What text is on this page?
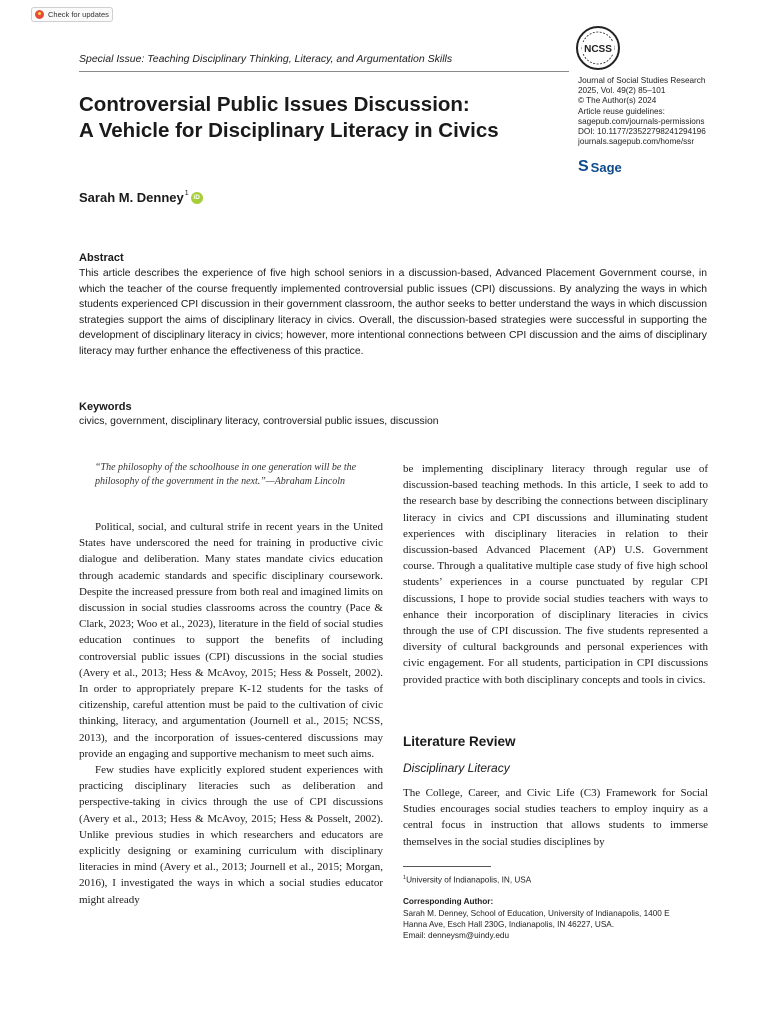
Check for updates
Special Issue: Teaching Disciplinary Thinking, Literacy, and Argumentation Skills
NCSS
Journal of Social Studies Research
2025, Vol. 49(2) 85–101
© The Author(s) 2024
Article reuse guidelines:
sagepub.com/journals-permissions
DOI: 10.1177/23522798241294196
journals.sagepub.com/home/ssr
S Sage
Controversial Public Issues Discussion:
A Vehicle for Disciplinary Literacy in Civics
Sarah M. Denney$^1$ iD
Abstract
This article describes the experience of five high school seniors in a discussion-based, Advanced Placement Government course, in which the teacher of the course frequently implemented controversial public issues (CPI) discussions. By analyzing the ways in which students experienced CPI discussion in their government classroom, the author seeks to better understand the ways in which discussion strategies support the aims of disciplinary literacy in civics. Overall, the discussion-based strategies were successful in supporting the development of disciplinary literacy in civics; however, more intentional connections between CPI discussion and the aims of disciplinary literacy may further enhance the effectiveness of this practice.
Keywords
civics, government, disciplinary literacy, controversial public issues, discussion
“The philosophy of the schoolhouse in one generation will be the philosophy of the government in the next.”—Abraham Lincoln

Political, social, and cultural strife in recent years in the United States have underscored the need for training in productive civic dialogue and deliberation. Many states mandate civics education through academic standards and specific disciplinary coursework. Despite the increased pressure from both real and imagined limits on discussion in social studies classrooms across the country (Pace & Clark, 2023; Woo et al., 2023), literature in the field of social studies education continues to support the benefits of including controversial public issues (CPI) discussions in the social studies (Avery et al., 2013; Hess & McAvoy, 2015; Hess & Posselt, 2002). In order to appropriately prepare K-12 students for the tasks of citizenship, careful attention must be paid to the cultivation of civic thinking, literacy, and argumentation (Journell et al., 2015; NCSS, 2013), and the incorporation of issues-centered discussions may provide an engaging and supportive mechanism to meet such aims.

Few studies have explicitly explored student experiences with practicing disciplinary literacies such as deliberation and perspective-taking in civics through the use of CPI discussions (Avery et al., 2013; Hess & McAvoy, 2015; Hess & Posselt, 2002). Unlike previous studies in which researchers and educators are explicitly designing or examining curriculum with disciplinary literacies in mind (Avery et al., 2013; Journell et al., 2015; Morgan, 2016), I investigated the ways in which a social studies educator might already

be implementing disciplinary literacy through regular use of discussion-based teaching methods. In this article, I seek to add to the research base by describing the connections between disciplinary literacy in civics and CPI discussions and illuminating student experiences with disciplinary literacies in relation to their discussion-based Advanced Placement (AP) U.S. Government course. Through a qualitative multiple case study of five high school students’ experiences in a course punctuated by regular CPI discussions, I hope to provide social studies teachers with ways to enhance their incorporation of disciplinary literacies in civics through the use of CPI discussion. The five students represented a diversity of cultural backgrounds and personal experiences with civic engagement. For all students, participation in CPI discussions provided practice with both disciplinary concepts and tools in civics.

Literature Review
Disciplinary Literacy

The College, Career, and Civic Life (C3) Framework for Social Studies encourages social studies teachers to employ inquiry as a central focus in instruction that allows students to immerse themselves in the social studies disciplines by

$^1$University of Indianapolis, IN, USA
Corresponding Author:
Sarah M. Denney, School of Education, University of Indianapolis, 1400 E
Hanna Ave, Esch Hall 230G, Indianapolis, IN 46227, USA.
Email: denneysm@uindy.edu
